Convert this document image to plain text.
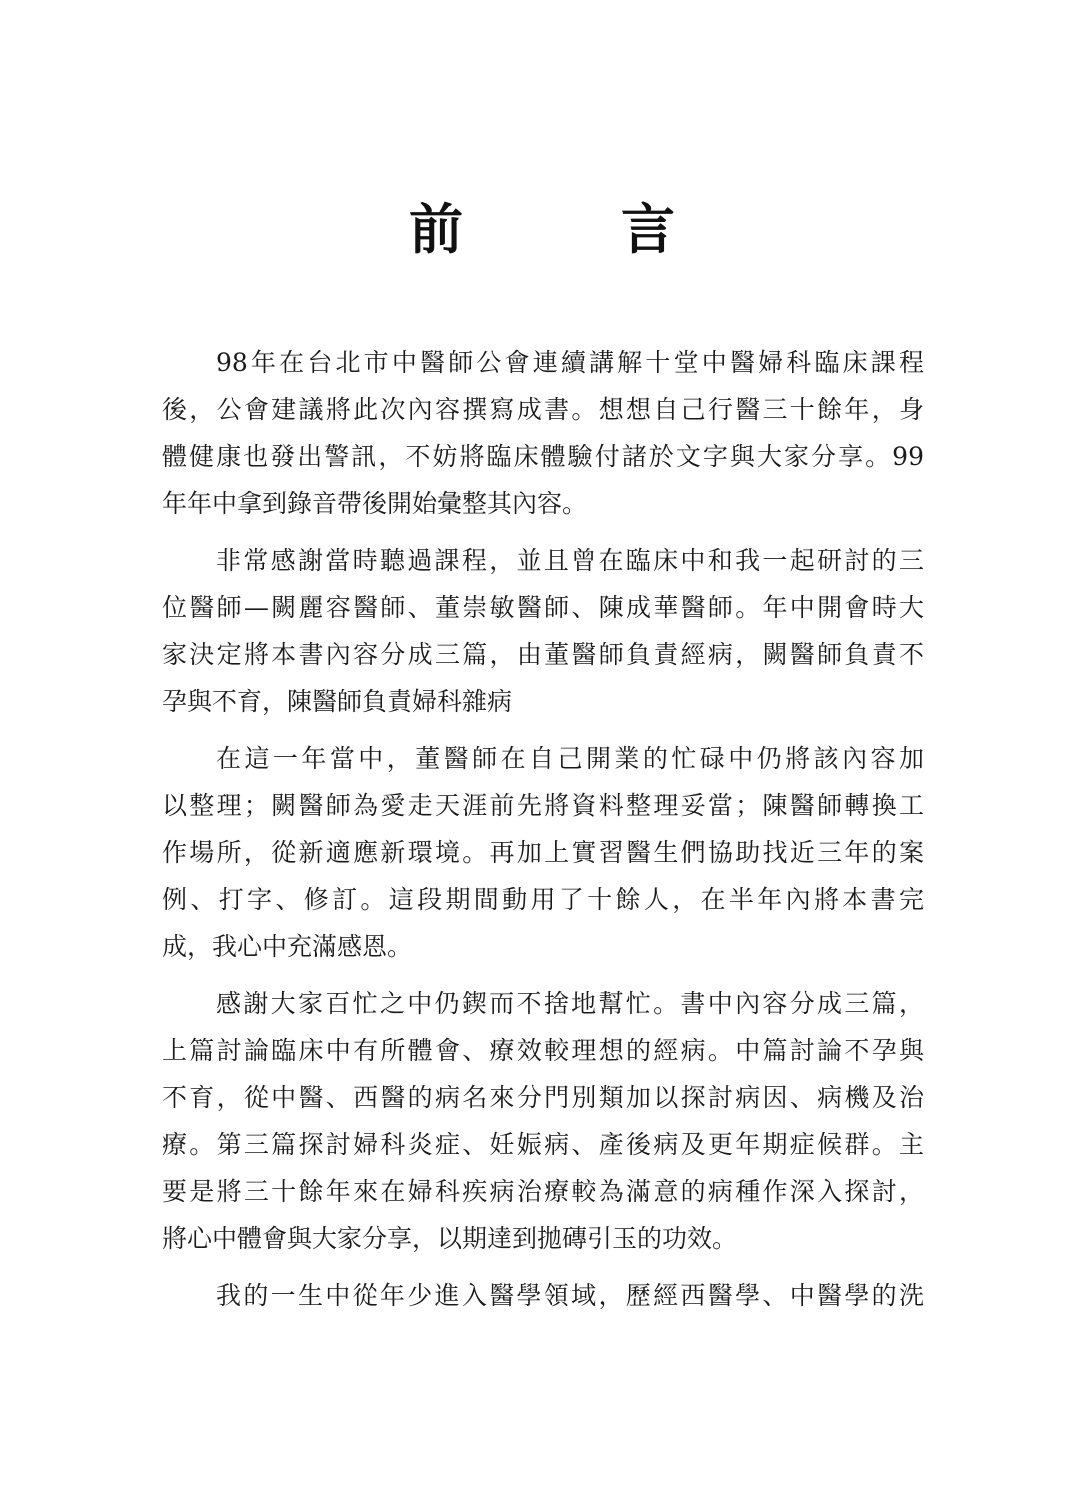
前　言
98年在台北市中醫師公會連續講解十堂中醫婦科臨床課程
後，公會建議將此次內容撰寫成書。想想自己行醫三十餘年，身
體健康也發出警訊，不妨將臨床體驗付諸於文字與大家分享。99
年年中拿到錄音帶後開始彙整其內容。
非常感謝當時聽過課程，並且曾在臨床中和我一起研討的三
位醫師—闕麗容醫師、董崇敏醫師、陳成華醫師。年中開會時大
家決定將本書內容分成三篇，由董醫師負責經病，闕醫師負責不
孕與不育，陳醫師負責婦科雜病
在這一年當中，董醫師在自己開業的忙碌中仍將該內容加
以整理；闕醫師為愛走天涯前先將資料整理妥當；陳醫師轉換工
作場所，從新適應新環境。再加上實習醫生們協助找近三年的案
例、打字、修訂。這段期間動用了十餘人，在半年內將本書完
成，我心中充滿感恩。
感謝大家百忙之中仍鍥而不捨地幫忙。書中內容分成三篇，
上篇討論臨床中有所體會、療效較理想的經病。中篇討論不孕與
不育，從中醫、西醫的病名來分門別類加以探討病因、病機及治
療。第三篇探討婦科炎症、妊娠病、產後病及更年期症候群。主
要是將三十餘年來在婦科疾病治療較為滿意的病種作深入探討，
將心中體會與大家分享，以期達到拋磚引玉的功效。
我的一生中從年少進入醫學領域，歷經西醫學、中醫學的洗
